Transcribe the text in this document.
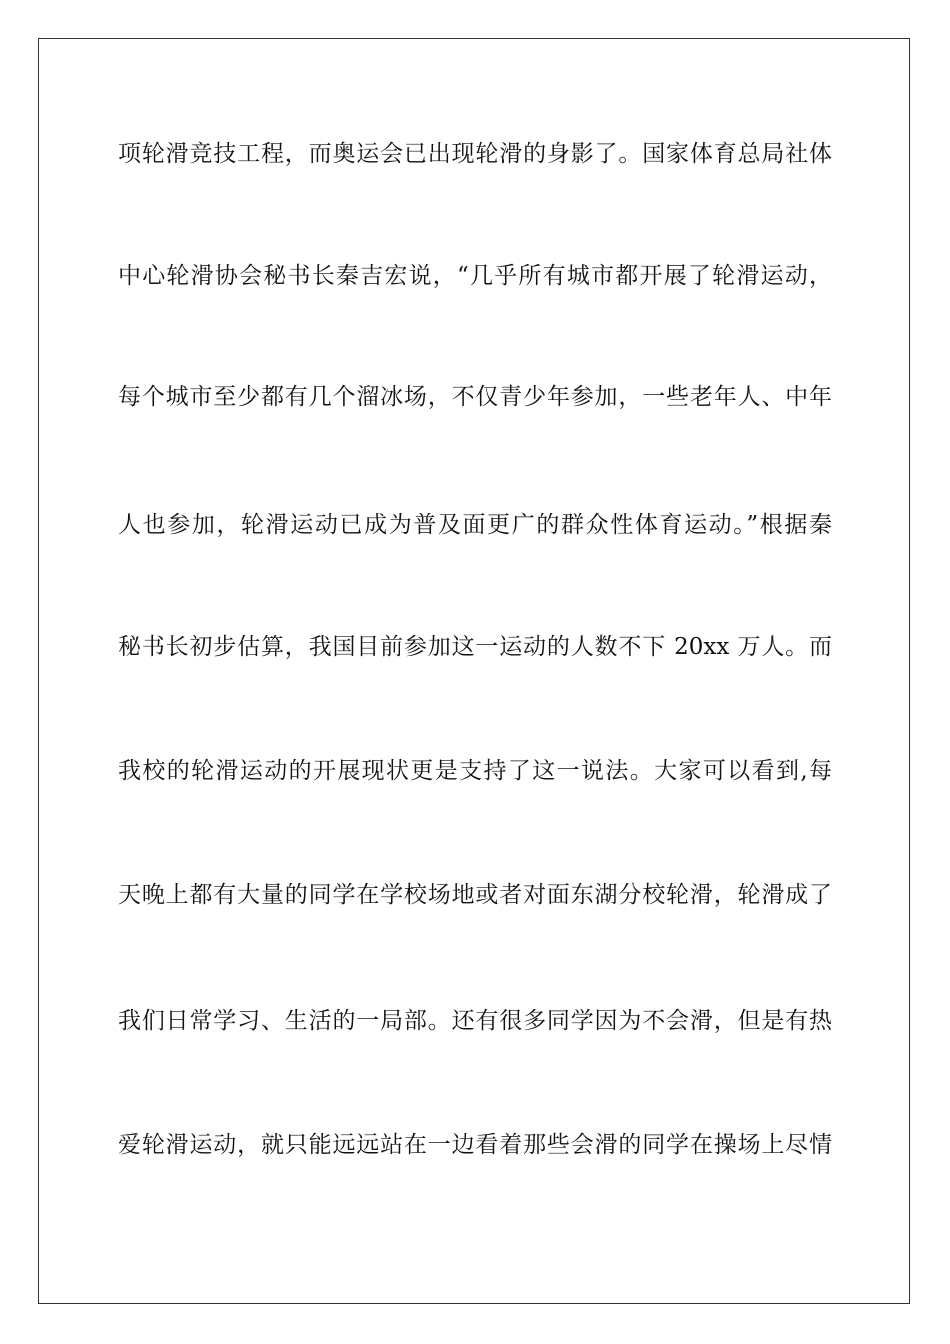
项轮滑竞技工程，而奥运会已出现轮滑的身影了。国家体育总局社体
中心轮滑协会秘书长秦吉宏说，“几乎所有城市都开展了轮滑运动，
每个城市至少都有几个溜冰场，不仅青少年参加，一些老年人、中年
人也参加，轮滑运动已成为普及面更广的群众性体育运动。”根据秦
秘书长初步估算，我国目前参加这一运动的人数不下 20xx 万人。而
我校的轮滑运动的开展现状更是支持了这一说法。大家可以看到,每
天晚上都有大量的同学在学校场地或者对面东湖分校轮滑，轮滑成了
我们日常学习、生活的一局部。还有很多同学因为不会滑，但是有热
爱轮滑运动，就只能远远站在一边看着那些会滑的同学在操场上尽情
